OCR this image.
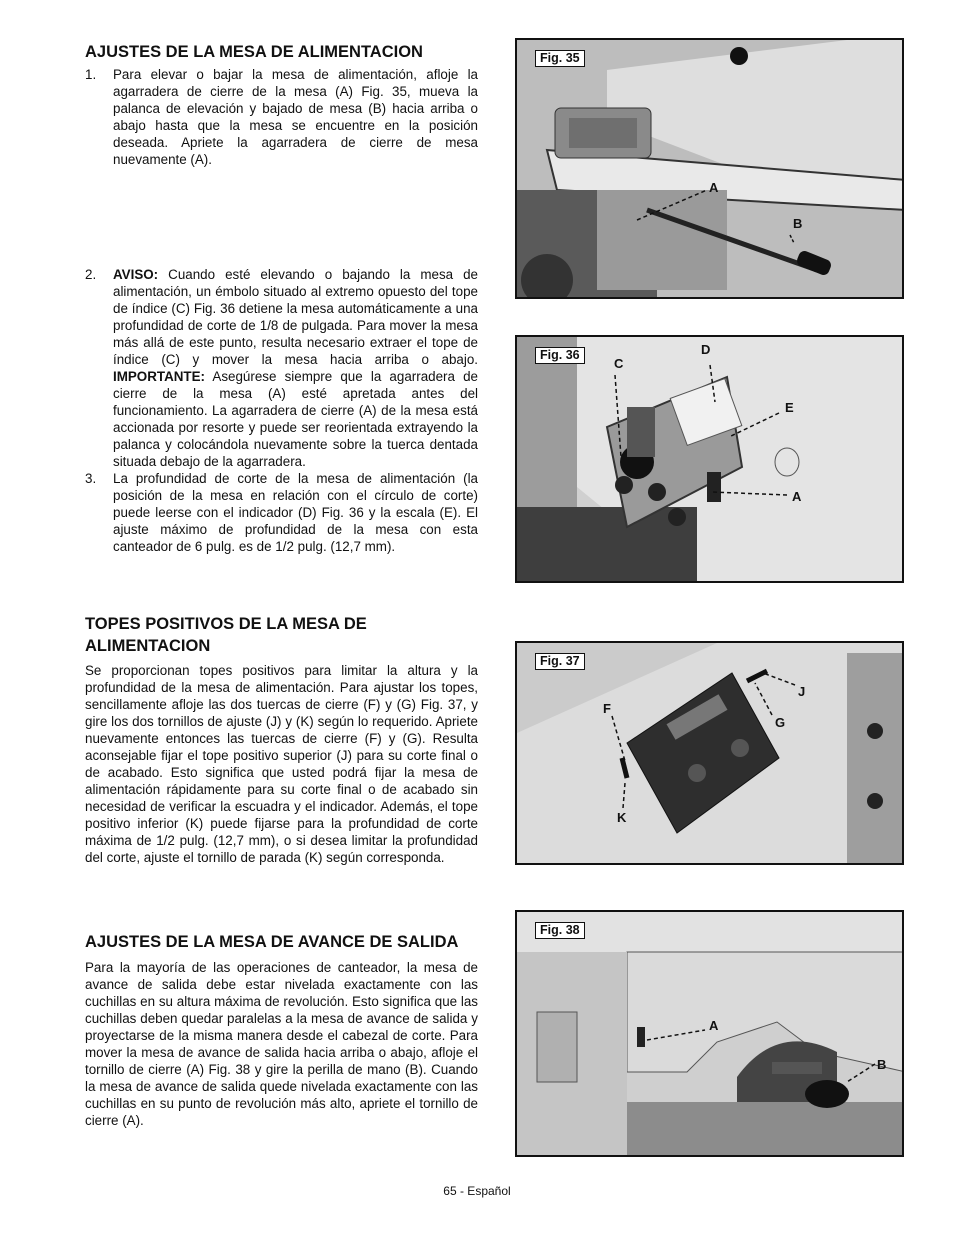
AJUSTES DE LA MESA DE ALIMENTACION
1. Para elevar o bajar la mesa de alimentación, afloje la agarradera de cierre de la mesa (A) Fig. 35, mueva la palanca de elevación y bajado de mesa (B) hacia arriba o abajo hasta que la mesa se encuentre en la posición deseada. Apriete la agarradera de cierre de mesa nuevamente (A).
2. AVISO: Cuando esté elevando o bajando la mesa de alimentación, un émbolo situado al extremo opuesto del tope de índice (C) Fig. 36 detiene la mesa automáticamente a una profundidad de corte de 1/8 de pulgada. Para mover la mesa más allá de este punto, resulta necesario extraer el tope de índice (C) y mover la mesa hacia arriba o abajo. IMPORTANTE: Asegúrese siempre que la agarradera de cierre de la mesa (A) esté apretada antes del funcionamiento. La agarradera de cierre (A) de la mesa está accionada por resorte y puede ser reorientada extrayendo la palanca y colocándola nuevamente sobre la tuerca dentada situada debajo de la agarradera.
3. La profundidad de corte de la mesa de alimentación (la posición de la mesa en relación con el círculo de corte) puede leerse con el indicador (D) Fig. 36 y la escala (E). El ajuste máximo de profundidad de la mesa con esta canteador de 6 pulg. es de 1/2 pulg. (12,7 mm).
TOPES POSITIVOS DE LA MESA DE ALIMENTACION

Se proporcionan topes positivos para limitar la altura y la profundidad de la mesa de alimentación. Para ajustar los topes, sencillamente afloje las dos tuercas de cierre (F) y (G) Fig. 37, y gire los dos tornillos de ajuste (J) y (K) según lo requerido. Apriete nuevamente entonces las tuercas de cierre (F) y (G). Resulta aconsejable fijar el tope positivo superior (J) para su corte final o de acabado. Esto significa que usted podrá fijar la mesa de alimentación rápidamente para su corte final o de acabado sin necesidad de verificar la escuadra y el indicador. Además, el tope positivo inferior (K) puede fijarse para la profundidad de corte máxima de 1/2 pulg. (12,7 mm), o si desea limitar la profundidad del corte, ajuste el tornillo de parada (K) según corresponda.

AJUSTES DE LA MESA DE AVANCE DE SALIDA

Para la mayoría de las operaciones de canteador, la mesa de avance de salida debe estar nivelada exactamente con las cuchillas en su altura máxima de revolución. Esto significa que las cuchillas deben quedar paralelas a la mesa de avance de salida y proyectarse de la misma manera desde el cabezal de corte. Para mover la mesa de avance de salida hacia arriba o abajo, afloje el tornillo de cierre (A) Fig. 38 y gire la perilla de mano (B). Cuando la mesa de avance de salida quede nivelada exactamente con las cuchillas en su punto de revolución más alto, apriete el tornillo de cierre (A).

Fig. 35
A
B
Fig. 36
C
D
E
A
Fig. 37
J
F
G
K
Fig. 38
A
B
65 - Español
